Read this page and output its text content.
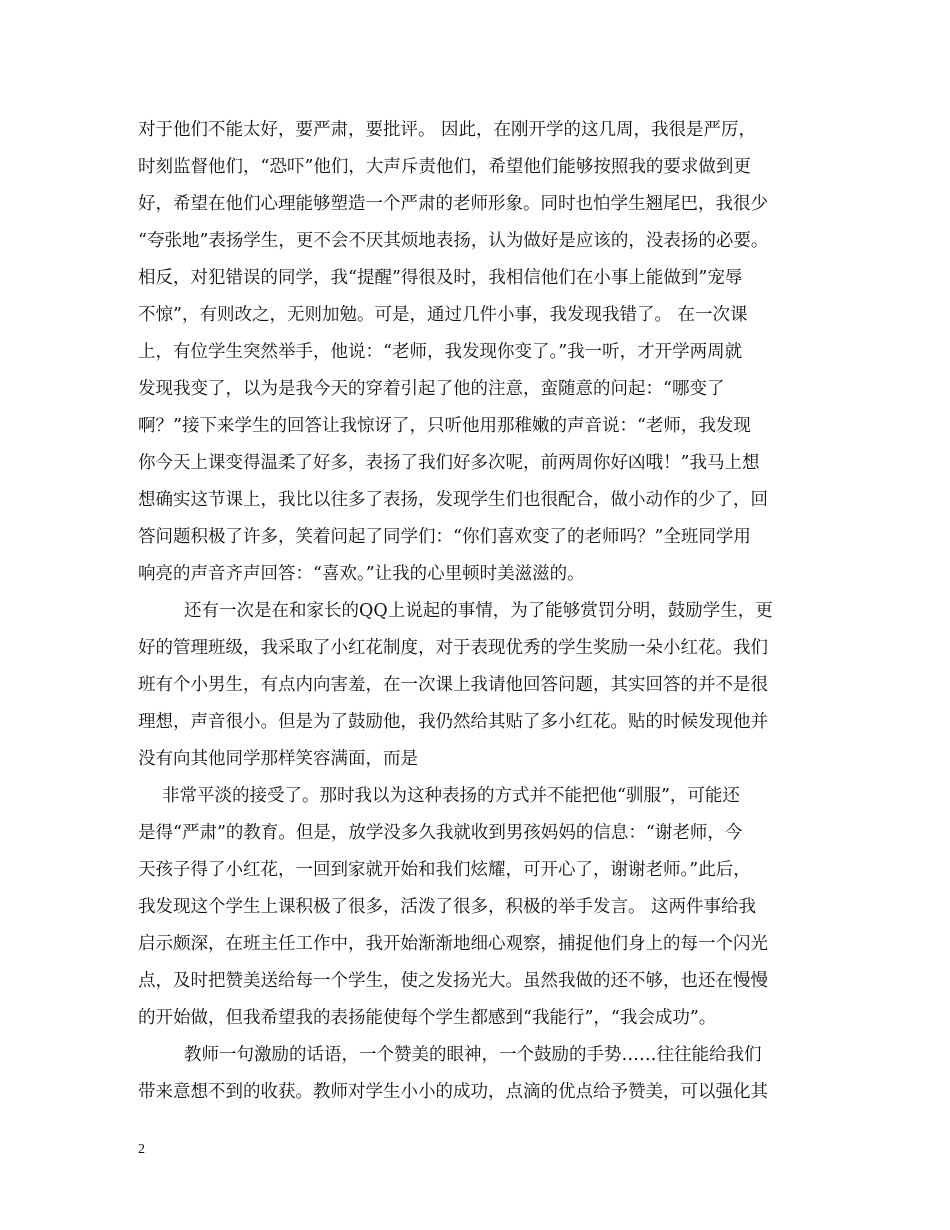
对于他们不能太好，要严肃，要批评。 因此，在刚开学的这几周，我很是严厉，
时刻监督他们，“恐吓”他们，大声斥责他们，希望他们能够按照我的要求做到更
好，希望在他们心理能够塑造一个严肃的老师形象。同时也怕学生翘尾巴，我很少
“夸张地”表扬学生，更不会不厌其烦地表扬，认为做好是应该的，没表扬的必要。
相反，对犯错误的同学，我“提醒”得很及时，我相信他们在小事上能做到”宠辱
不惊”，有则改之，无则加勉。可是，通过几件小事，我发现我错了。 在一次课
上，有位学生突然举手，他说：“老师，我发现你变了。”我一听，才开学两周就
发现我变了，以为是我今天的穿着引起了他的注意，蛮随意的问起：“哪变了
啊？”接下来学生的回答让我惊讶了，只听他用那稚嫩的声音说：“老师，我发现
你今天上课变得温柔了好多，表扬了我们好多次呢，前两周你好凶哦！”我马上想
想确实这节课上，我比以往多了表扬，发现学生们也很配合，做小动作的少了，回
答问题积极了许多，笑着问起了同学们：“你们喜欢变了的老师吗？”全班同学用
响亮的声音齐声回答：“喜欢。”让我的心里顿时美滋滋的。
还有一次是在和家长的QQ上说起的事情，为了能够赏罚分明，鼓励学生，更
好的管理班级，我采取了小红花制度，对于表现优秀的学生奖励一朵小红花。我们
班有个小男生，有点内向害羞，在一次课上我请他回答问题，其实回答的并不是很
理想，声音很小。但是为了鼓励他，我仍然给其贴了多小红花。贴的时候发现他并
没有向其他同学那样笑容满面，而是
非常平淡的接受了。那时我以为这种表扬的方式并不能把他“驯服”，可能还
是得“严肃”的教育。但是，放学没多久我就收到男孩妈妈的信息：“谢老师，今
天孩子得了小红花，一回到家就开始和我们炫耀，可开心了，谢谢老师。”此后，
我发现这个学生上课积极了很多，活泼了很多，积极的举手发言。 这两件事给我
启示颇深，在班主任工作中，我开始渐渐地细心观察，捕捉他们身上的每一个闪光
点，及时把赞美送给每一个学生，使之发扬光大。虽然我做的还不够，也还在慢慢
的开始做，但我希望我的表扬能使每个学生都感到“我能行”，“我会成功”。
教师一句激励的话语，一个赞美的眼神，一个鼓励的手势……往往能给我们
带来意想不到的收获。教师对学生小小的成功，点滴的优点给予赞美，可以强化其
2
